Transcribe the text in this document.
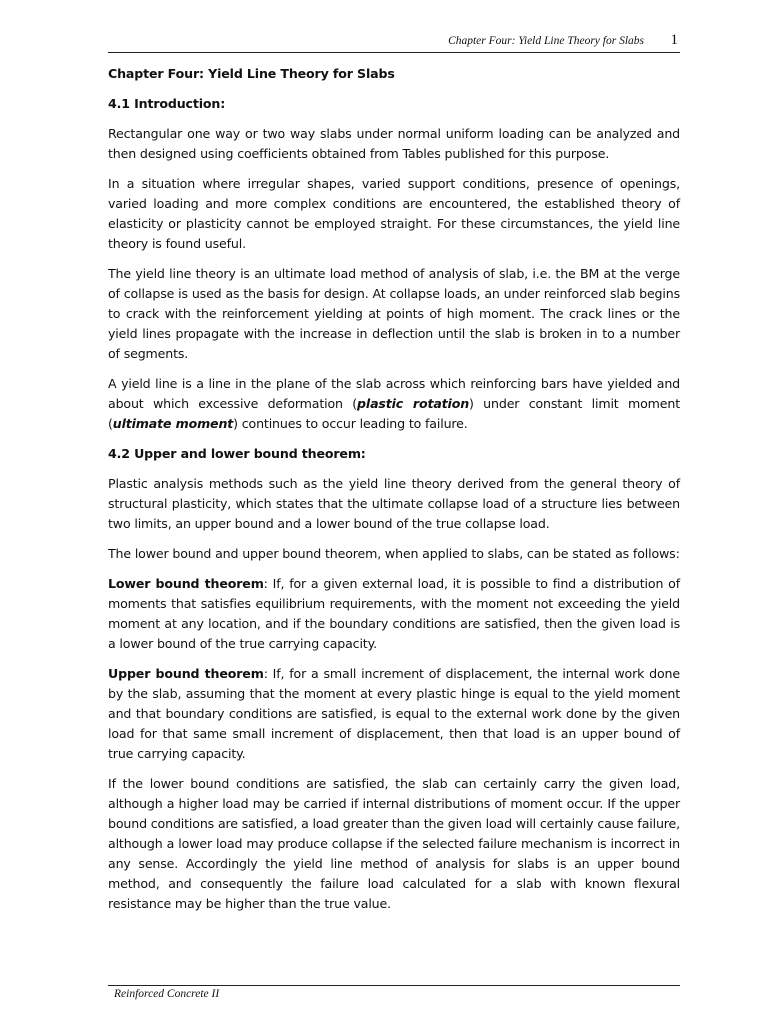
Chapter Four: Yield Line Theory for Slabs 1
Chapter Four: Yield Line Theory for Slabs
4.1 Introduction:

Rectangular one way or two way slabs under normal uniform loading can be analyzed and then designed using coefficients obtained from Tables published for this purpose.

In a situation where irregular shapes, varied support conditions, presence of openings, varied loading and more complex conditions are encountered, the established theory of elasticity or plasticity cannot be employed straight. For these circumstances, the yield line theory is found useful.

The yield line theory is an ultimate load method of analysis of slab, i.e. the BM at the verge of collapse is used as the basis for design. At collapse loads, an under reinforced slab begins to crack with the reinforcement yielding at points of high moment. The crack lines or the yield lines propagate with the increase in deflection until the slab is broken in to a number of segments.

A yield line is a line in the plane of the slab across which reinforcing bars have yielded and about which excessive deformation (plastic rotation) under constant limit moment (ultimate moment) continues to occur leading to failure.

4.2 Upper and lower bound theorem:

Plastic analysis methods such as the yield line theory derived from the general theory of structural plasticity, which states that the ultimate collapse load of a structure lies between two limits, an upper bound and a lower bound of the true collapse load.

The lower bound and upper bound theorem, when applied to slabs, can be stated as follows:

Lower bound theorem: If, for a given external load, it is possible to find a distribution of moments that satisfies equilibrium requirements, with the moment not exceeding the yield moment at any location, and if the boundary conditions are satisfied, then the given load is a lower bound of the true carrying capacity.

Upper bound theorem: If, for a small increment of displacement, the internal work done by the slab, assuming that the moment at every plastic hinge is equal to the yield moment and that boundary conditions are satisfied, is equal to the external work done by the given load for that same small increment of displacement, then that load is an upper bound of true carrying capacity.

If the lower bound conditions are satisfied, the slab can certainly carry the given load, although a higher load may be carried if internal distributions of moment occur. If the upper bound conditions are satisfied, a load greater than the given load will certainly cause failure, although a lower load may produce collapse if the selected failure mechanism is incorrect in any sense. Accordingly the yield line method of analysis for slabs is an upper bound method, and consequently the failure load calculated for a slab with known flexural resistance may be higher than the true value.

Reinforced Concrete II
